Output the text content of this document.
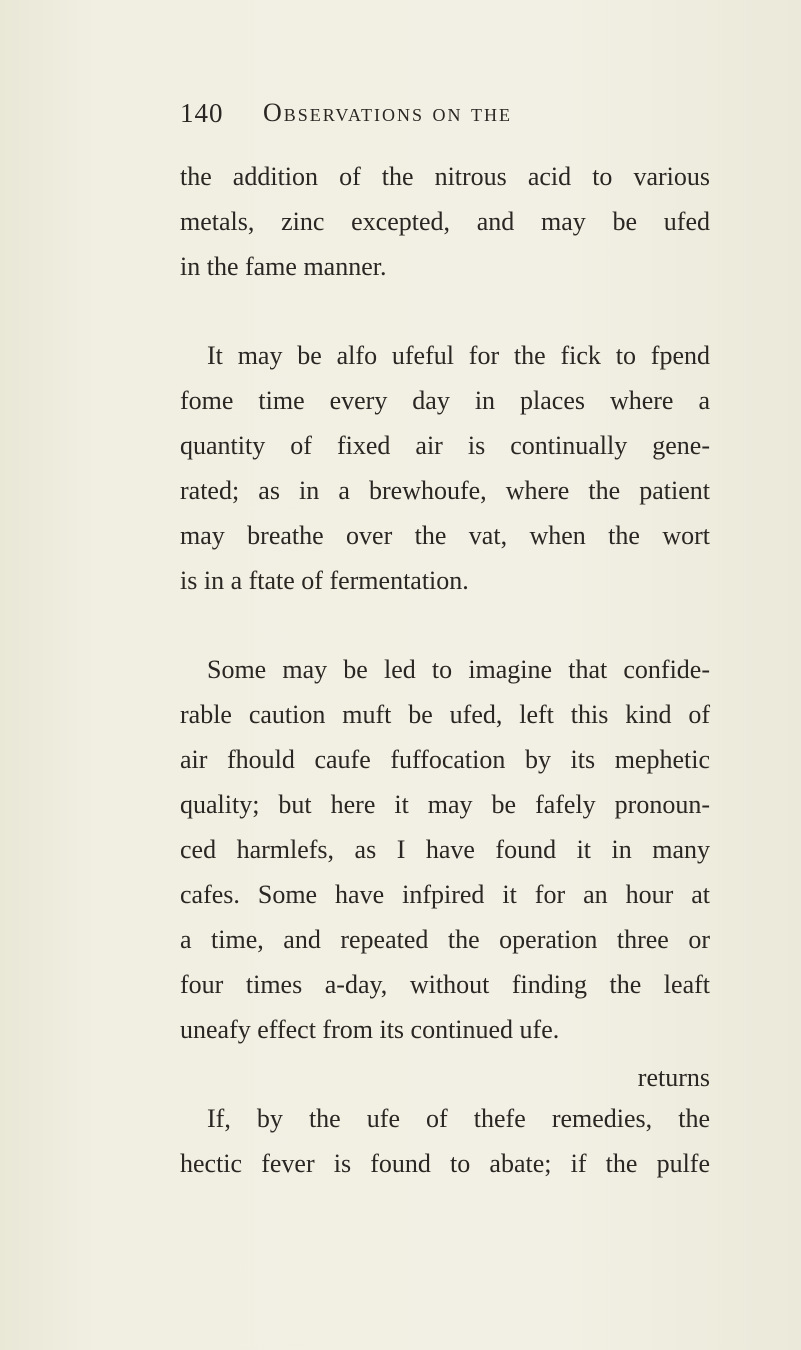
140 Observations on the
the addition of the nitrous acid to various
metals, zinc excepted, and may be ufed
in the fame manner.
It may be alfo ufeful for the fick to fpend
fome time every day in places where a
quantity of fixed air is continually gene-
rated; as in a brewhoufe, where the patient
may breathe over the vat, when the wort
is in a ftate of fermentation.
Some may be led to imagine that confide-
rable caution muft be ufed, left this kind of
air fhould caufe fuffocation by its mephetic
quality; but here it may be fafely pronoun-
ced harmlefs, as I have found it in many
cafes. Some have infpired it for an hour at
a time, and repeated the operation three or
four times a-day, without finding the leaft
uneafy effect from its continued ufe.
If, by the ufe of thefe remedies, the
hectic fever is found to abate; if the pulfe
returns
